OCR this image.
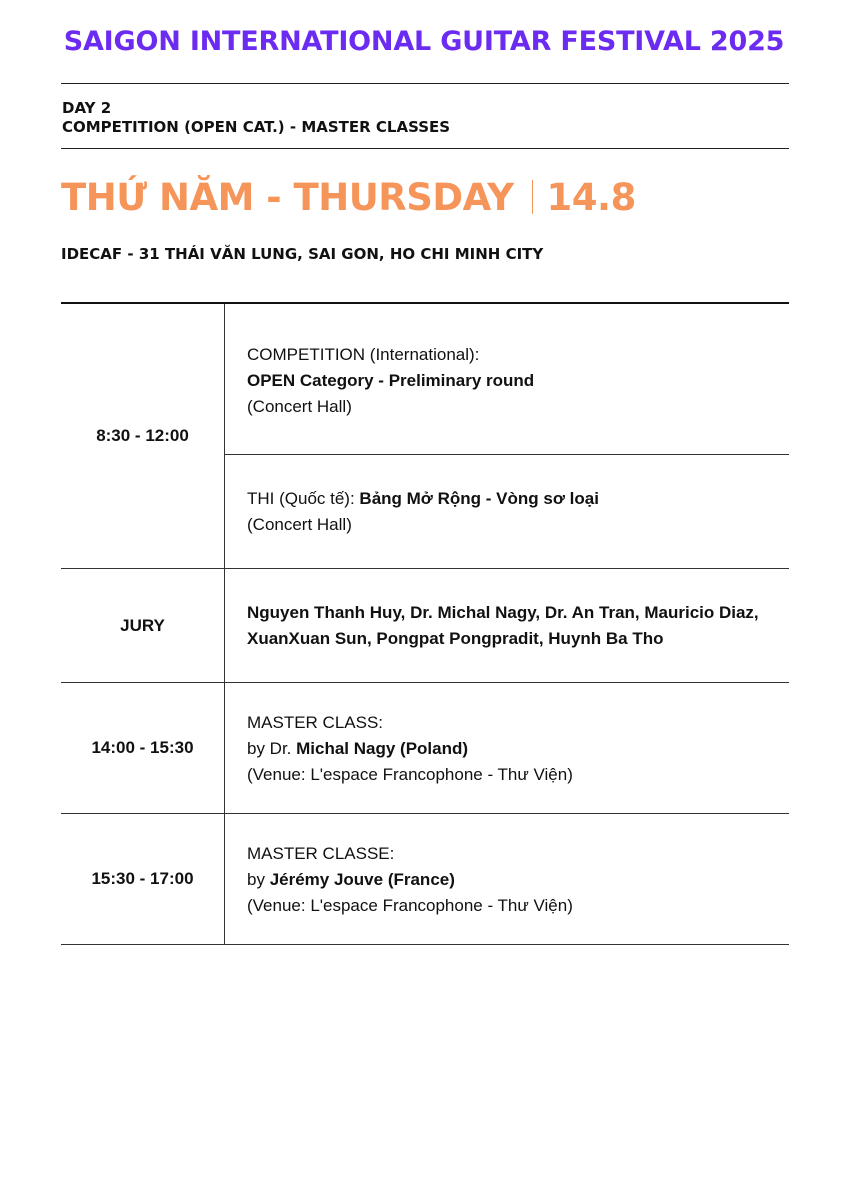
SAIGON INTERNATIONAL GUITAR FESTIVAL 2025
DAY 2
COMPETITION (OPEN CAT.) - MASTER CLASSES
THỨ NĂM - THURSDAY 14.8
IDECAF - 31 THÁI VĂN LUNG, SAI GON, HO CHI MINH CITY
8:30 - 12:00	COMPETITION (International):
OPEN Category - Preliminary round
(Concert Hall)

	THI (Quốc tế): Bảng Mở Rộng - Vòng sơ loại
(Concert Hall)

JURY	Nguyen Thanh Huy, Dr. Michal Nagy, Dr. An Tran, Mauricio Diaz, XuanXuan Sun, Pongpat Pongpradit, Huynh Ba Tho

14:00 - 15:30	MASTER CLASS:
by Dr. Michal Nagy (Poland)
(Venue: L'espace Francophone - Thư Viện)

15:30 - 17:00	MASTER CLASSE:
by Jérémy Jouve (France)
(Venue: L'espace Francophone - Thư Viện)
